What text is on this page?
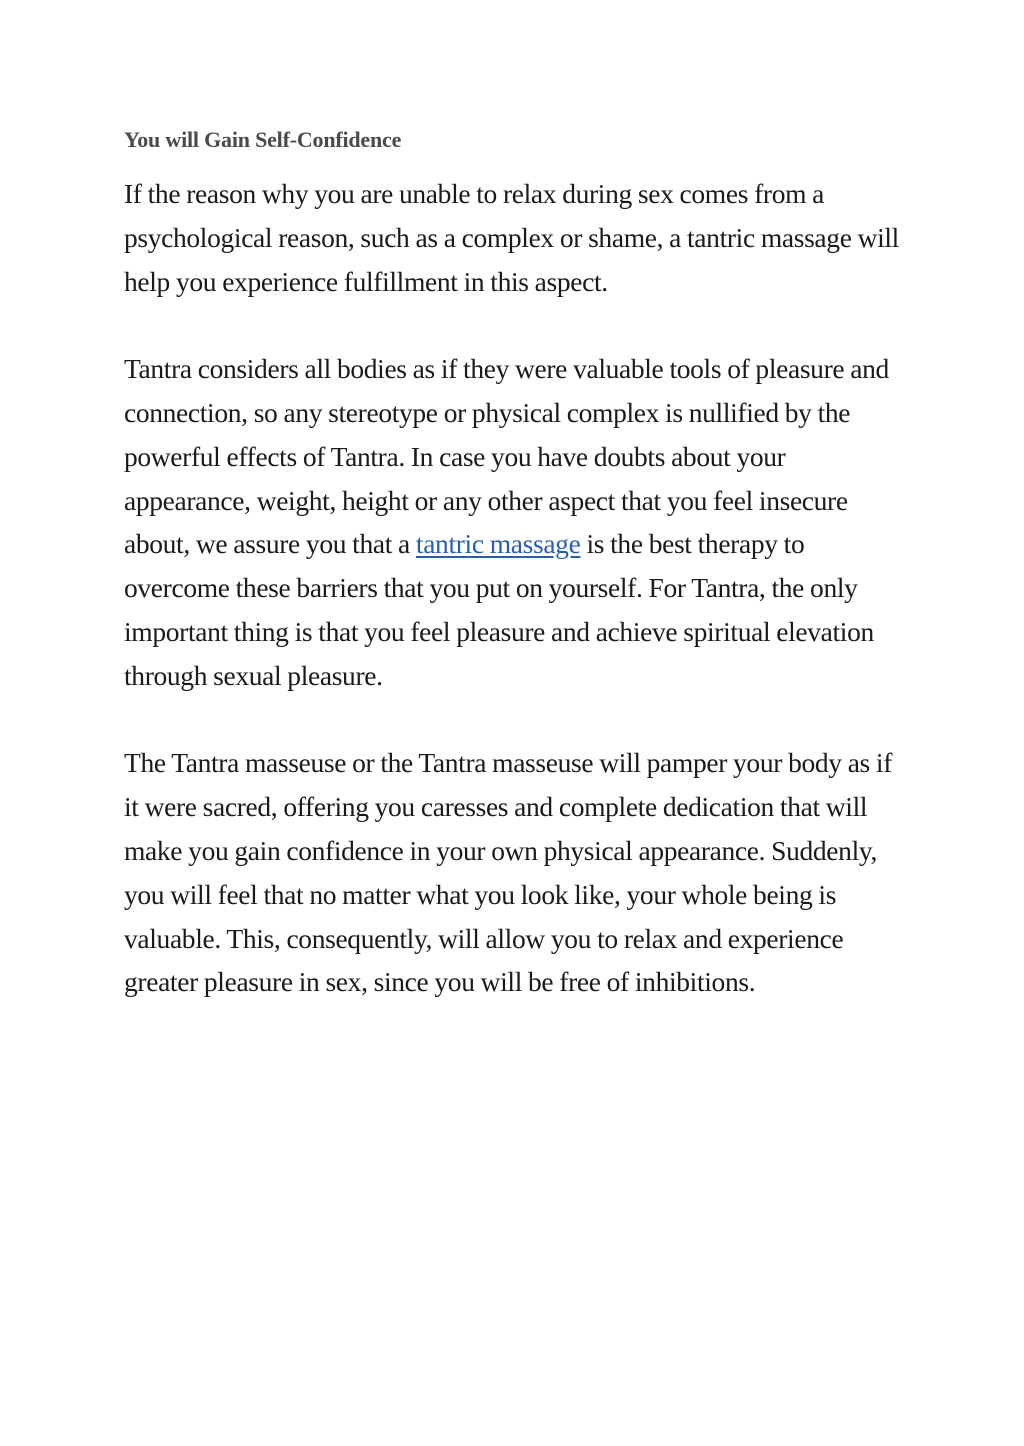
You will Gain Self-Confidence

If the reason why you are unable to relax during sex comes from a psychological reason, such as a complex or shame, a tantric massage will help you experience fulfillment in this aspect.

Tantra considers all bodies as if they were valuable tools of pleasure and connection, so any stereotype or physical complex is nullified by the powerful effects of Tantra. In case you have doubts about your appearance, weight, height or any other aspect that you feel insecure about, we assure you that a tantric massage is the best therapy to overcome these barriers that you put on yourself. For Tantra, the only important thing is that you feel pleasure and achieve spiritual elevation through sexual pleasure.

The Tantra masseuse or the Tantra masseuse will pamper your body as if it were sacred, offering you caresses and complete dedication that will make you gain confidence in your own physical appearance. Suddenly, you will feel that no matter what you look like, your whole being is valuable. This, consequently, will allow you to relax and experience greater pleasure in sex, since you will be free of inhibitions.
